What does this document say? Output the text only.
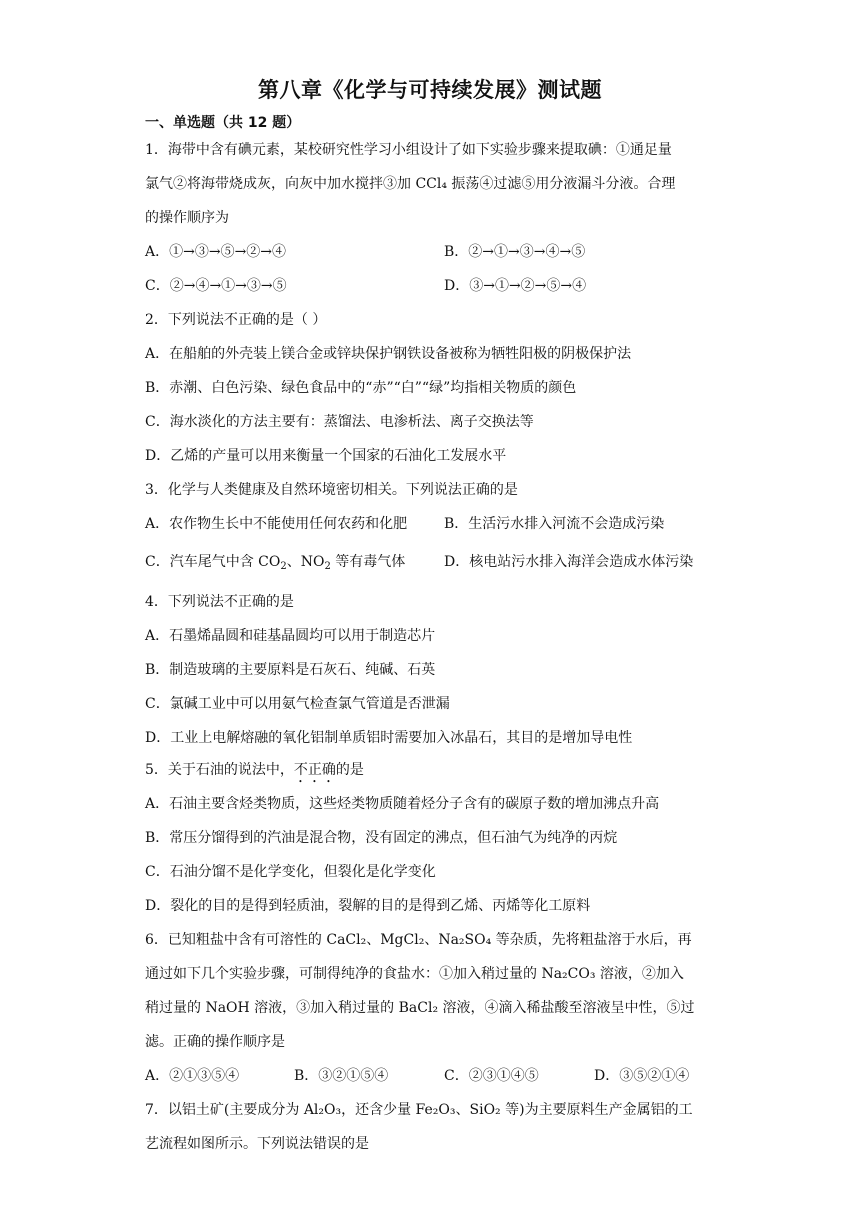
第八章《化学与可持续发展》测试题
一、单选题（共 12 题）
1．海带中含有碘元素，某校研究性学习小组设计了如下实验步骤来提取碘：①通足量
氯气②将海带烧成灰，向灰中加水搅拌③加 CCl₄ 振荡④过滤⑤用分液漏斗分液。合理
的操作顺序为
A．①→③→⑤→②→④	B．②→①→③→④→⑤
C．②→④→①→③→⑤	D．③→①→②→⑤→④
2．下列说法不正确的是（ ）
A．在船舶的外壳装上镁合金或锌块保护钢铁设备被称为牺牲阳极的阴极保护法
B．赤潮、白色污染、绿色食品中的“赤”“白”“绿”均指相关物质的颜色
C．海水淡化的方法主要有：蒸馏法、电渗析法、离子交换法等
D．乙烯的产量可以用来衡量一个国家的石油化工发展水平
3．化学与人类健康及自然环境密切相关。下列说法正确的是
A．农作物生长中不能使用任何农药和化肥	B．生活污水排入河流不会造成污染
C．汽车尾气中含 $CO_2$、$NO_2$ 等有毒气体	D．核电站污水排入海洋会造成水体污染
4．下列说法不正确的是
A．石墨烯晶圆和硅基晶圆均可以用于制造芯片
B．制造玻璃的主要原料是石灰石、纯碱、石英
C．氯碱工业中可以用氨气检查氯气管道是否泄漏
D．工业上电解熔融的氧化铝制单质铝时需要加入冰晶石，其目的是增加导电性
5．关于石油的说法中，不正确的是
A．石油主要含烃类物质，这些烃类物质随着烃分子含有的碳原子数的增加沸点升高
B．常压分馏得到的汽油是混合物，没有固定的沸点，但石油气为纯净的丙烷
C．石油分馏不是化学变化，但裂化是化学变化
D．裂化的目的是得到轻质油，裂解的目的是得到乙烯、丙烯等化工原料
6．已知粗盐中含有可溶性的 CaCl₂、MgCl₂、Na₂SO₄ 等杂质，先将粗盐溶于水后，再
通过如下几个实验步骤，可制得纯净的食盐水：①加入稍过量的 Na₂CO₃ 溶液，②加入
稍过量的 NaOH 溶液，③加入稍过量的 BaCl₂ 溶液，④滴入稀盐酸至溶液呈中性，⑤过
滤。正确的操作顺序是
A．②①③⑤④	B．③②①⑤④	C．②③①④⑤	D．③⑤②①④
7．以铝土矿(主要成分为 Al₂O₃，还含少量 Fe₂O₃、SiO₂ 等)为主要原料生产金属铝的工
艺流程如图所示。下列说法错误的是
